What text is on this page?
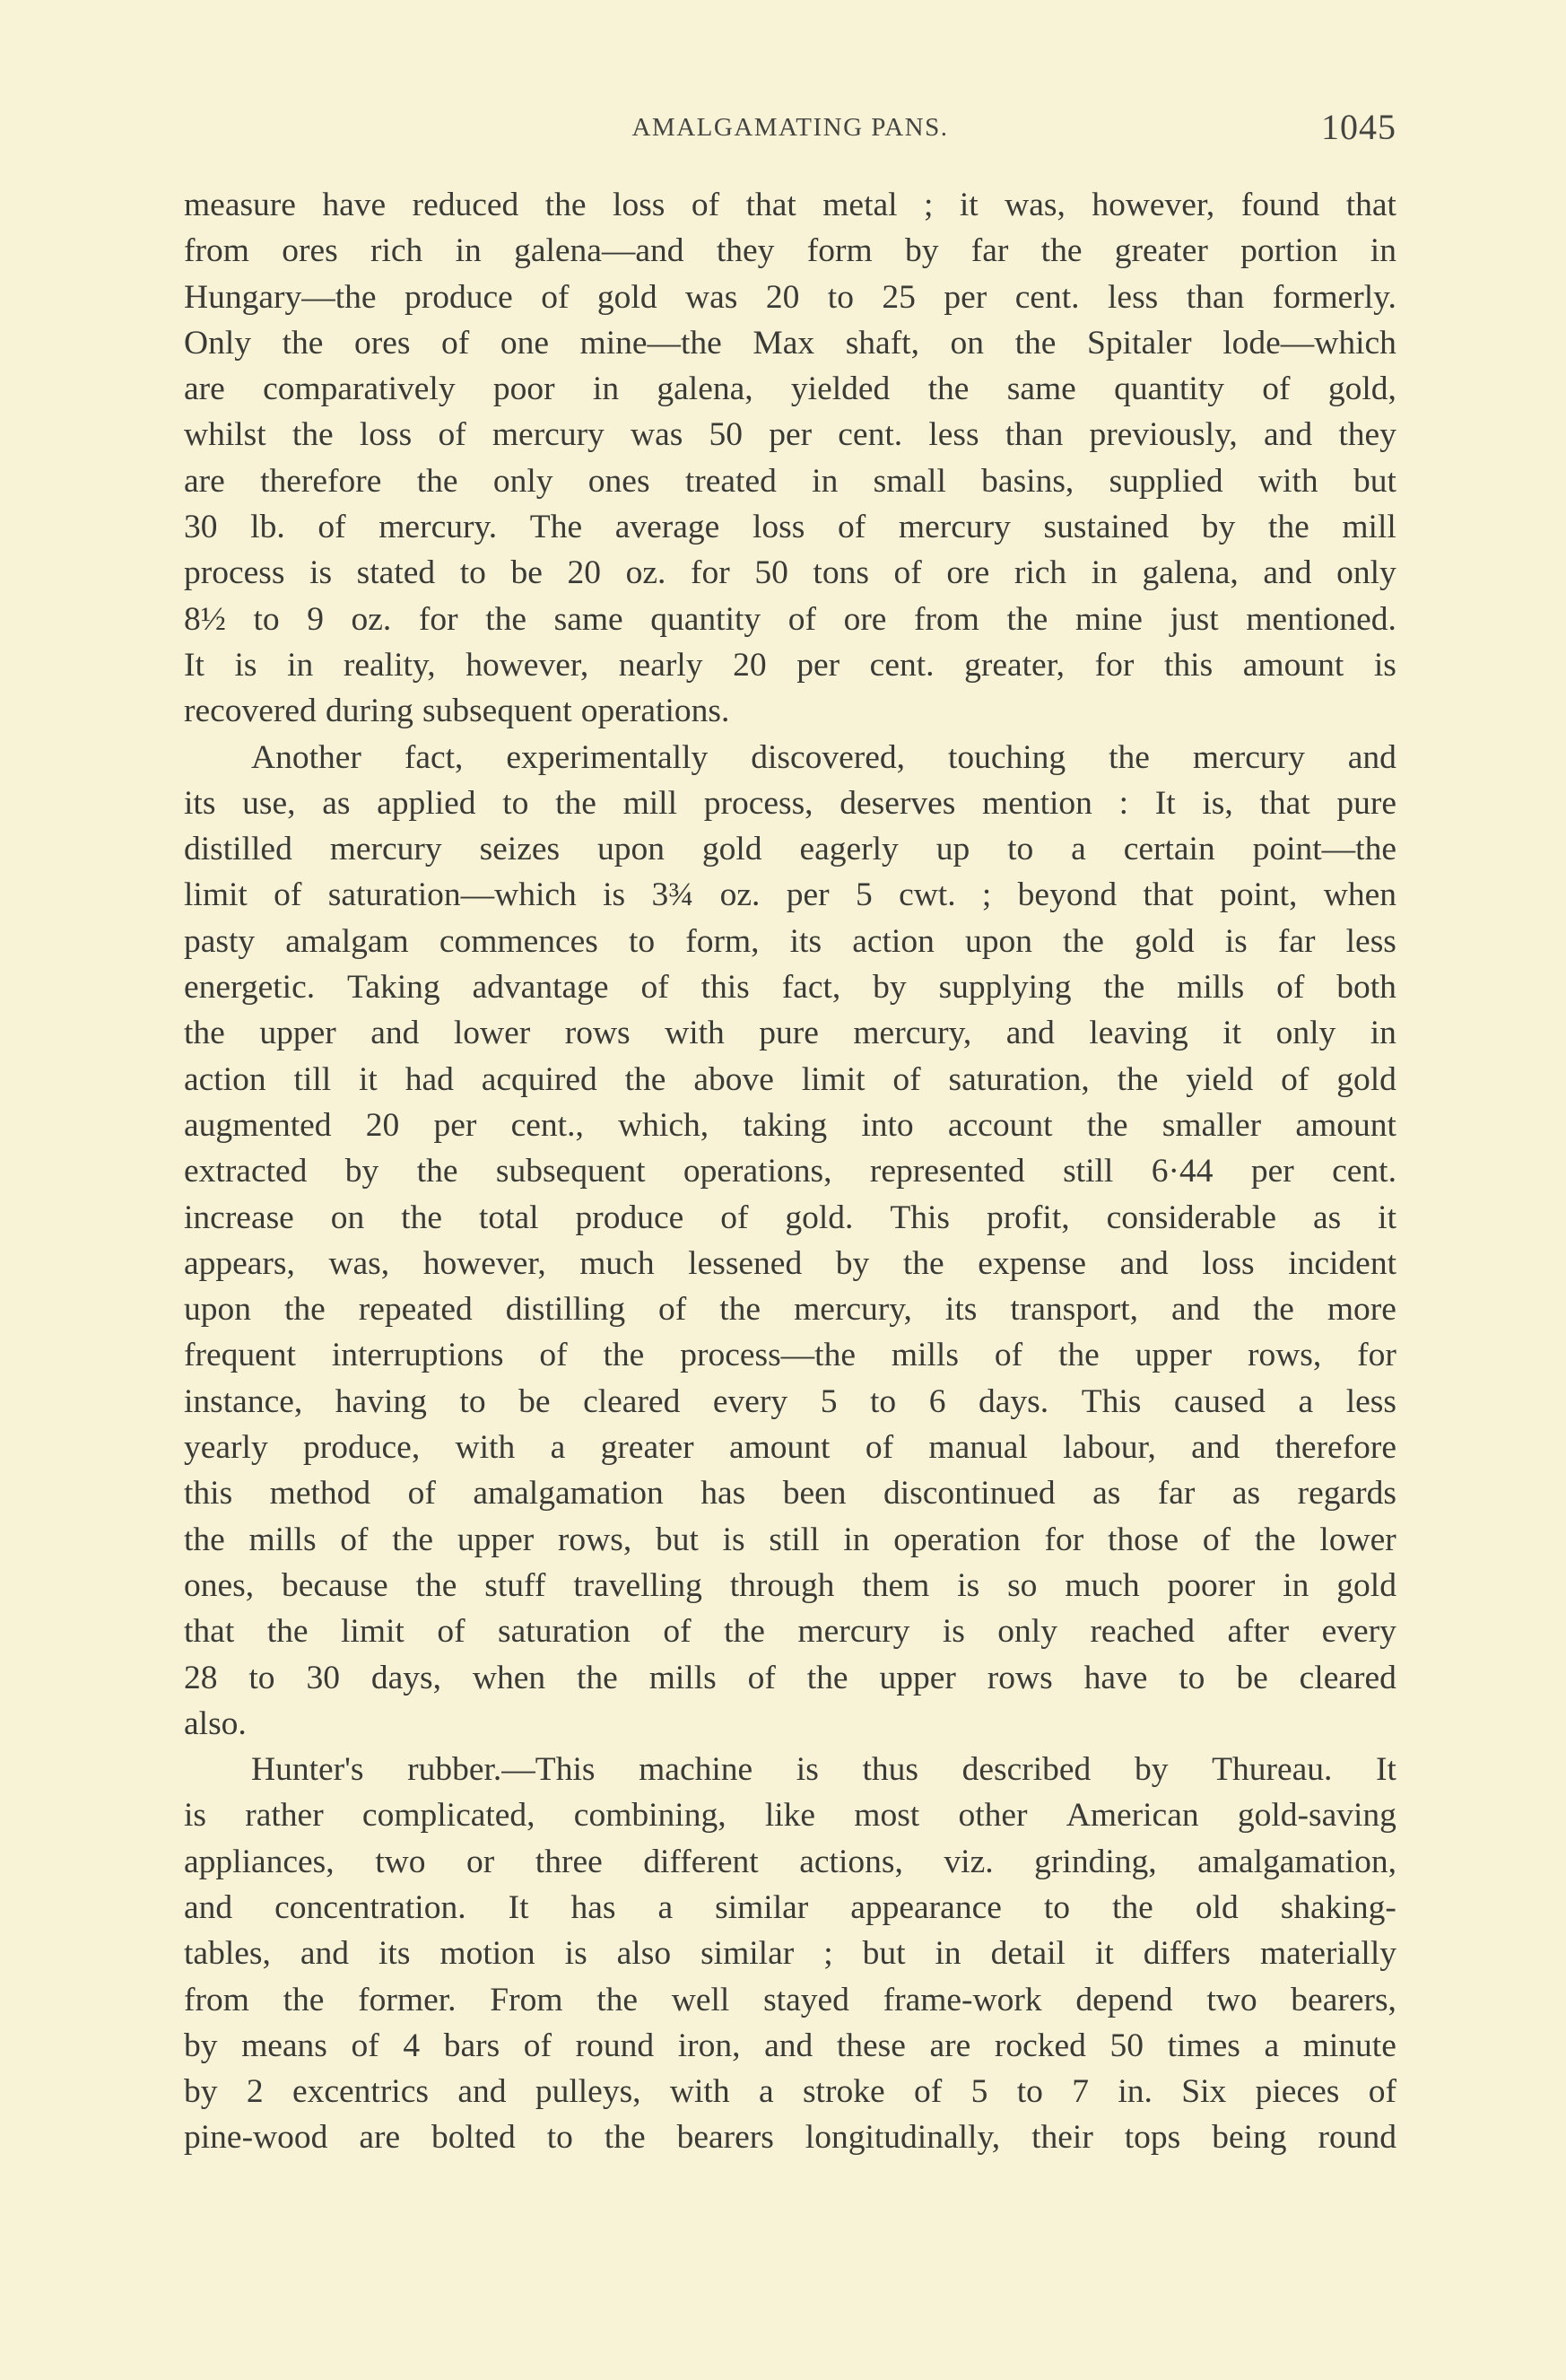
AMALGAMATING PANS.	1045
measure have reduced the loss of that metal ; it was, however, found that
from ores rich in galena—and they form by far the greater portion in
Hungary—the produce of gold was 20 to 25 per cent. less than formerly.
Only the ores of one mine—the Max shaft, on the Spitaler lode—which
are comparatively poor in galena, yielded the same quantity of gold,
whilst the loss of mercury was 50 per cent. less than previously, and they
are therefore the only ones treated in small basins, supplied with but
30 lb. of mercury. The average loss of mercury sustained by the mill
process is stated to be 20 oz. for 50 tons of ore rich in galena, and only
8½ to 9 oz. for the same quantity of ore from the mine just mentioned.
It is in reality, however, nearly 20 per cent. greater, for this amount is
recovered during subsequent operations.
Another fact, experimentally discovered, touching the mercury and
its use, as applied to the mill process, deserves mention : It is, that pure
distilled mercury seizes upon gold eagerly up to a certain point—the
limit of saturation—which is 3¾ oz. per 5 cwt. ; beyond that point, when
pasty amalgam commences to form, its action upon the gold is far less
energetic. Taking advantage of this fact, by supplying the mills of both
the upper and lower rows with pure mercury, and leaving it only in
action till it had acquired the above limit of saturation, the yield of gold
augmented 20 per cent., which, taking into account the smaller amount
extracted by the subsequent operations, represented still 6·44 per cent.
increase on the total produce of gold. This profit, considerable as it
appears, was, however, much lessened by the expense and loss incident
upon the repeated distilling of the mercury, its transport, and the more
frequent interruptions of the process—the mills of the upper rows, for
instance, having to be cleared every 5 to 6 days. This caused a less
yearly produce, with a greater amount of manual labour, and therefore
this method of amalgamation has been discontinued as far as regards
the mills of the upper rows, but is still in operation for those of the lower
ones, because the stuff travelling through them is so much poorer in gold
that the limit of saturation of the mercury is only reached after every
28 to 30 days, when the mills of the upper rows have to be cleared
also.
Hunter's rubber.—This machine is thus described by Thureau. It
is rather complicated, combining, like most other American gold-saving
appliances, two or three different actions, viz. grinding, amalgamation,
and concentration. It has a similar appearance to the old shaking-
tables, and its motion is also similar ; but in detail it differs materially
from the former. From the well stayed frame-work depend two bearers,
by means of 4 bars of round iron, and these are rocked 50 times a minute
by 2 excentrics and pulleys, with a stroke of 5 to 7 in. Six pieces of
pine-wood are bolted to the bearers longitudinally, their tops being round
